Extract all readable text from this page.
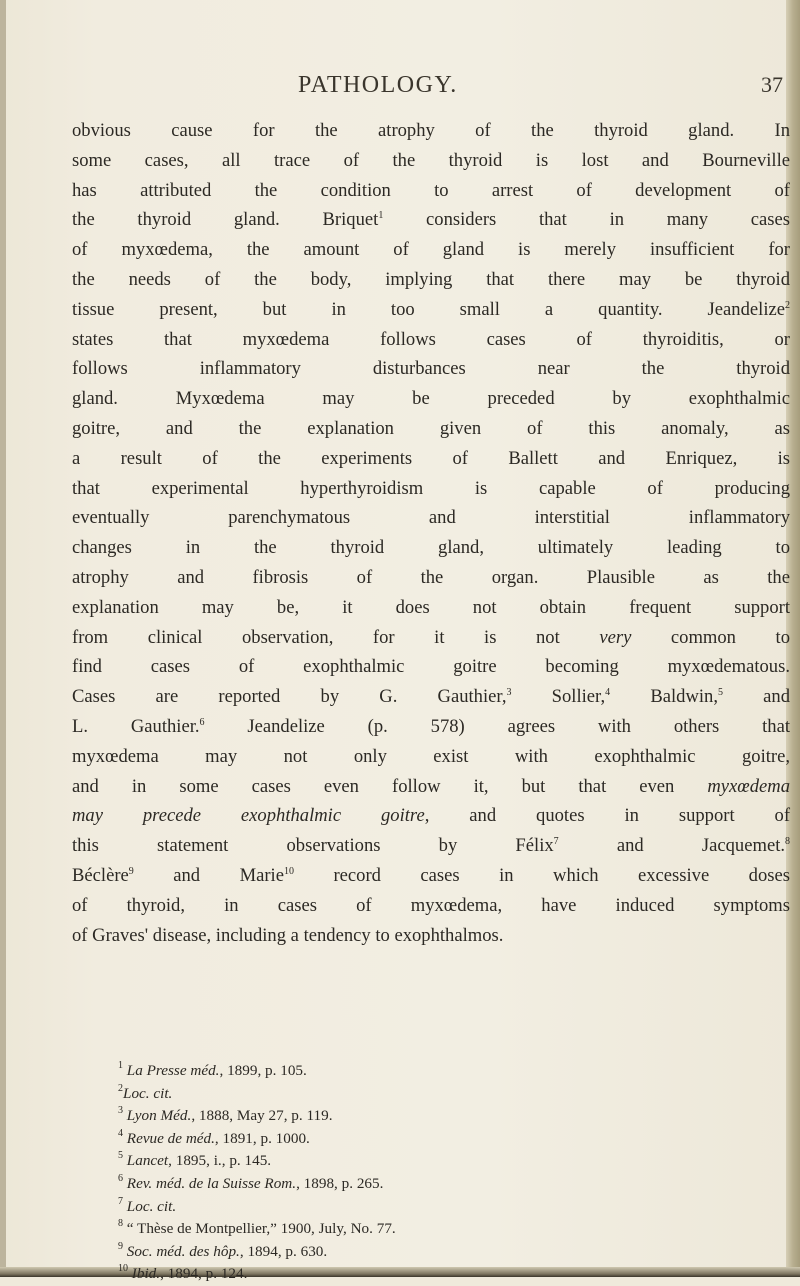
PATHOLOGY.	37
obvious cause for the atrophy of the thyroid gland. In
some cases, all trace of the thyroid is lost and Bourneville
has attributed the condition to arrest of development of
the thyroid gland. Briquet$^1$ considers that in many cases
of myxœdema, the amount of gland is merely insufficient for
the needs of the body, implying that there may be thyroid
tissue present, but in too small a quantity. Jeandelize$^2$
states that myxœdema follows cases of thyroiditis, or
follows inflammatory disturbances near the thyroid
gland. Myxœdema may be preceded by exophthalmic
goitre, and the explanation given of this anomaly, as
a result of the experiments of Ballett and Enriquez, is
that experimental hyperthyroidism is capable of producing
eventually parenchymatous and interstitial inflammatory
changes in the thyroid gland, ultimately leading to
atrophy and fibrosis of the organ. Plausible as the
explanation may be, it does not obtain frequent support
from clinical observation, for it is not very common to
find cases of exophthalmic goitre becoming myxœdematous.
Cases are reported by G. Gauthier,$^3$ Sollier,$^4$ Baldwin,$^5$ and
L. Gauthier.$^6$ Jeandelize (p. 578) agrees with others that
myxœdema may not only exist with exophthalmic goitre,
and in some cases even follow it, but that even myxœdema
may precede exophthalmic goitre, and quotes in support of
this statement observations by Félix$^7$ and Jacquemet.$^8$
Béclère$^9$ and Marie$^{10}$ record cases in which excessive doses
of thyroid, in cases of myxœdema, have induced symptoms
of Graves' disease, including a tendency to exophthalmos.
$^1$ La Presse méd., 1899, p. 105.
$^2$Loc. cit.
$^3$ Lyon Méd., 1888, May 27, p. 119.
$^4$ Revue de méd., 1891, p. 1000.
$^5$ Lancet, 1895, i., p. 145.
$^6$ Rev. méd. de la Suisse Rom., 1898, p. 265.
$^7$ Loc. cit.
$^8$ “ Thèse de Montpellier,” 1900, July, No. 77.
$^9$ Soc. méd. des hôp., 1894, p. 630.
$^{10}$ Ibid., 1894, p. 124.
